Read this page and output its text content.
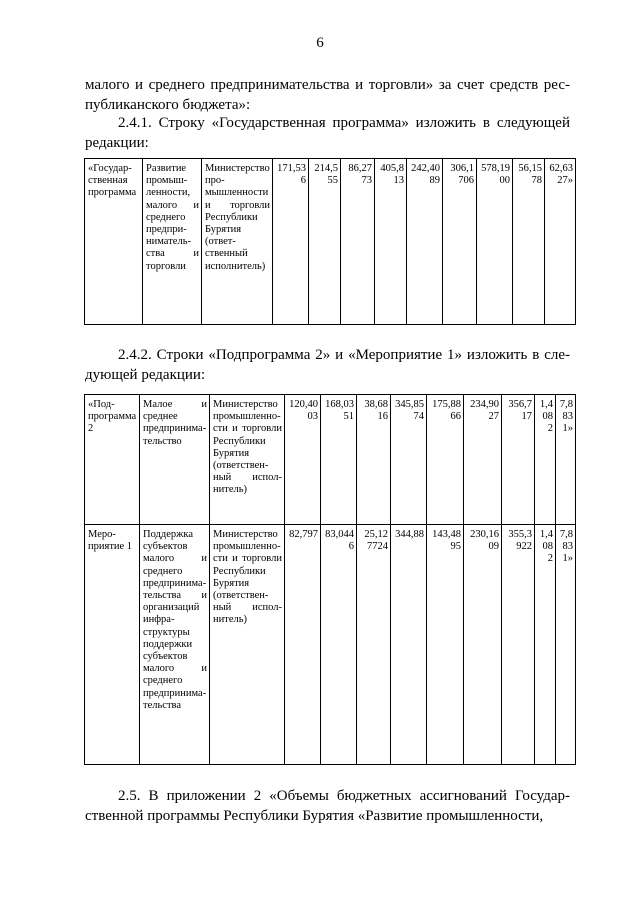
6
малого и среднего предпринимательства и торговли» за счет средств республиканского бюджета»:
2.4.1. Строку «Государственная программа» изложить в следующей редакции:
«Государственная программа	Развитие промышленности, малого и среднего предпринимательства и торговли	Министерство промышленности и торговли Республики Бурятия (ответственный исполнитель)	171,536	214,555	86,2773	405,813	242,4089	306,1706	578,1900	56,1578	62,6327»
2.4.2. Строки «Подпрограмма 2» и «Мероприятие 1» изложить в следующей редакции:
«Подпрограмма 2	Малое и среднее предпринимательство	Министерство промышленности и торговли Республики Бурятия (ответственный исполнитель)	120,4003	168,0351	38,6816	345,8574	175,8866	234,9027	356,717	1,4082	7,8831»
Мероприятие 1	Поддержка субъектов малого и среднего предпринимательства и организаций инфраструктуры поддержки субъектов малого и среднего предпринимательства	Министерство промышленности и торговли Республики Бурятия (ответственный исполнитель)	82,797	83,0446	25,127724	344,88	143,4895	230,1609	355,3922	1,4082	7,8831»
2.5. В приложении 2 «Объемы бюджетных ассигнований Государственной программы Республики Бурятия «Развитие промышленности,
